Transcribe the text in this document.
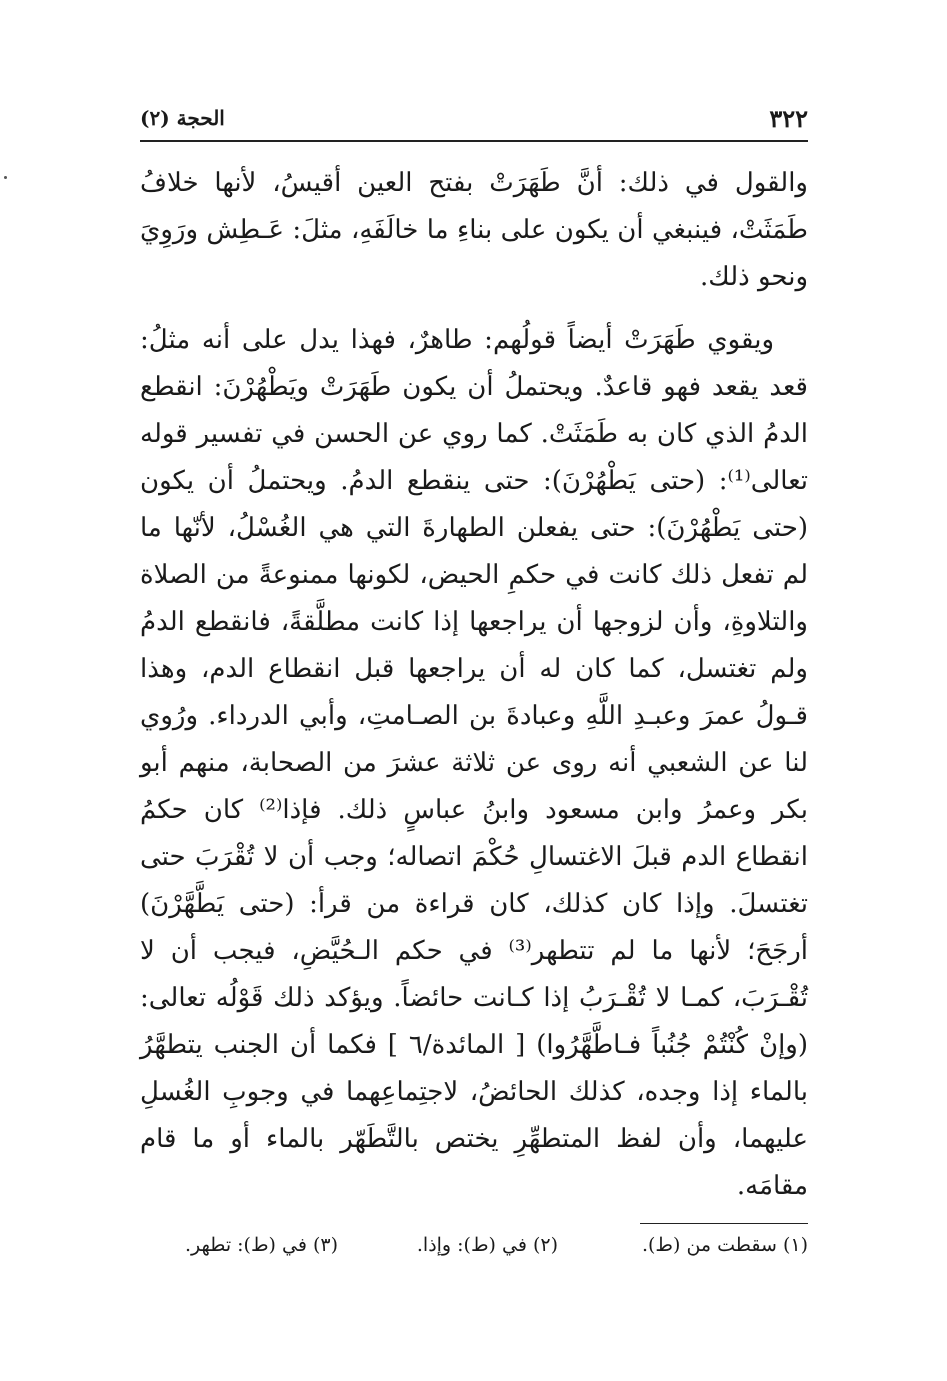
٣٢٢
الحجة (٢)

والقول في ذلك: أنَّ طَهَرَتْ بفتح العين أقيسُ، لأنها خلافُ طَمَثَتْ، فينبغي أن يكون على بناءِ ما خالَفَهِ، مثلَ: عَـطِش ورَوِيَ ونحو ذلك.

ويقوي طَهَرَتْ أيضاً قولُهم: طاهرٌ، فهذا يدل على أنه مثلُ: قعد يقعد فهو قاعدٌ. ويحتملُ أن يكون طَهَرَتْ ويَطْهُرْنَ: انقطع الدمُ الذي كان به طَمَثَتْ. كما روي عن الحسن في تفسير قوله تعالى⁽¹⁾: (حتى يَطْهُرْنَ): حتى ينقطع الدمُ. ويحتملُ أن يكون (حتى يَطْهُرْنَ): حتى يفعلن الطهارةَ التي هي الغُسْلُ، لأنّها ما لم تفعل ذلك كانت في حكمِ الحيض، لكونها ممنوعةً من الصلاة والتلاوةِ، وأن لزوجها أن يراجعها إذا كانت مطلَّقةً، فانقطع الدمُ ولم تغتسل، كما كان له أن يراجعها قبل انقطاع الدم، وهذا قـولُ عمرَ وعبـدِ اللَّهِ وعبادةَ بن الصـامتِ، وأبي الدرداء. ورُوي لنا عن الشعبي أنه روى عن ثلاثة عشرَ من الصحابة، منهم أبو بكر وعمرُ وابن مسعود وابنُ عباسٍ ذلك. فإذا⁽²⁾ كان حكمُ انقطاع الدم قبلَ الاغتسالِ حُكْمَ اتصاله؛ وجب أن لا تُقْرَبَ حتى تغتسلَ. وإذا كان كذلك، كان قراءة من قرأ: (حتى يَطَّهَّرْنَ) أرجَحَ؛ لأنها ما لم تتطهر⁽³⁾ في حكم الـحُيَّضِ، فيجب أن لا تُقْـرَبَ، كمـا لا تُقْـرَبُ إذا كـانت حائضاً. ويؤكد ذلك قَوْلُه تعالى: (وإنْ كُنْتُمْ جُنُباً فـاطَّهَّرُوا) [ المائدة/٦ ] فكما أن الجنب يتطهَّرُ بالماء إذا وجده، كذلك الحائضُ، لاجتِماعِهما في وجوبِ الغُسلِ عليهما، وأن لفظ المتطهِّرِ يختص بالتَّطَهّر بالماء أو ما قام مقامَه.

(١) سقطت من (ط).
(٢) في (ط): وإذا.
(٣) في (ط): تطهر.
